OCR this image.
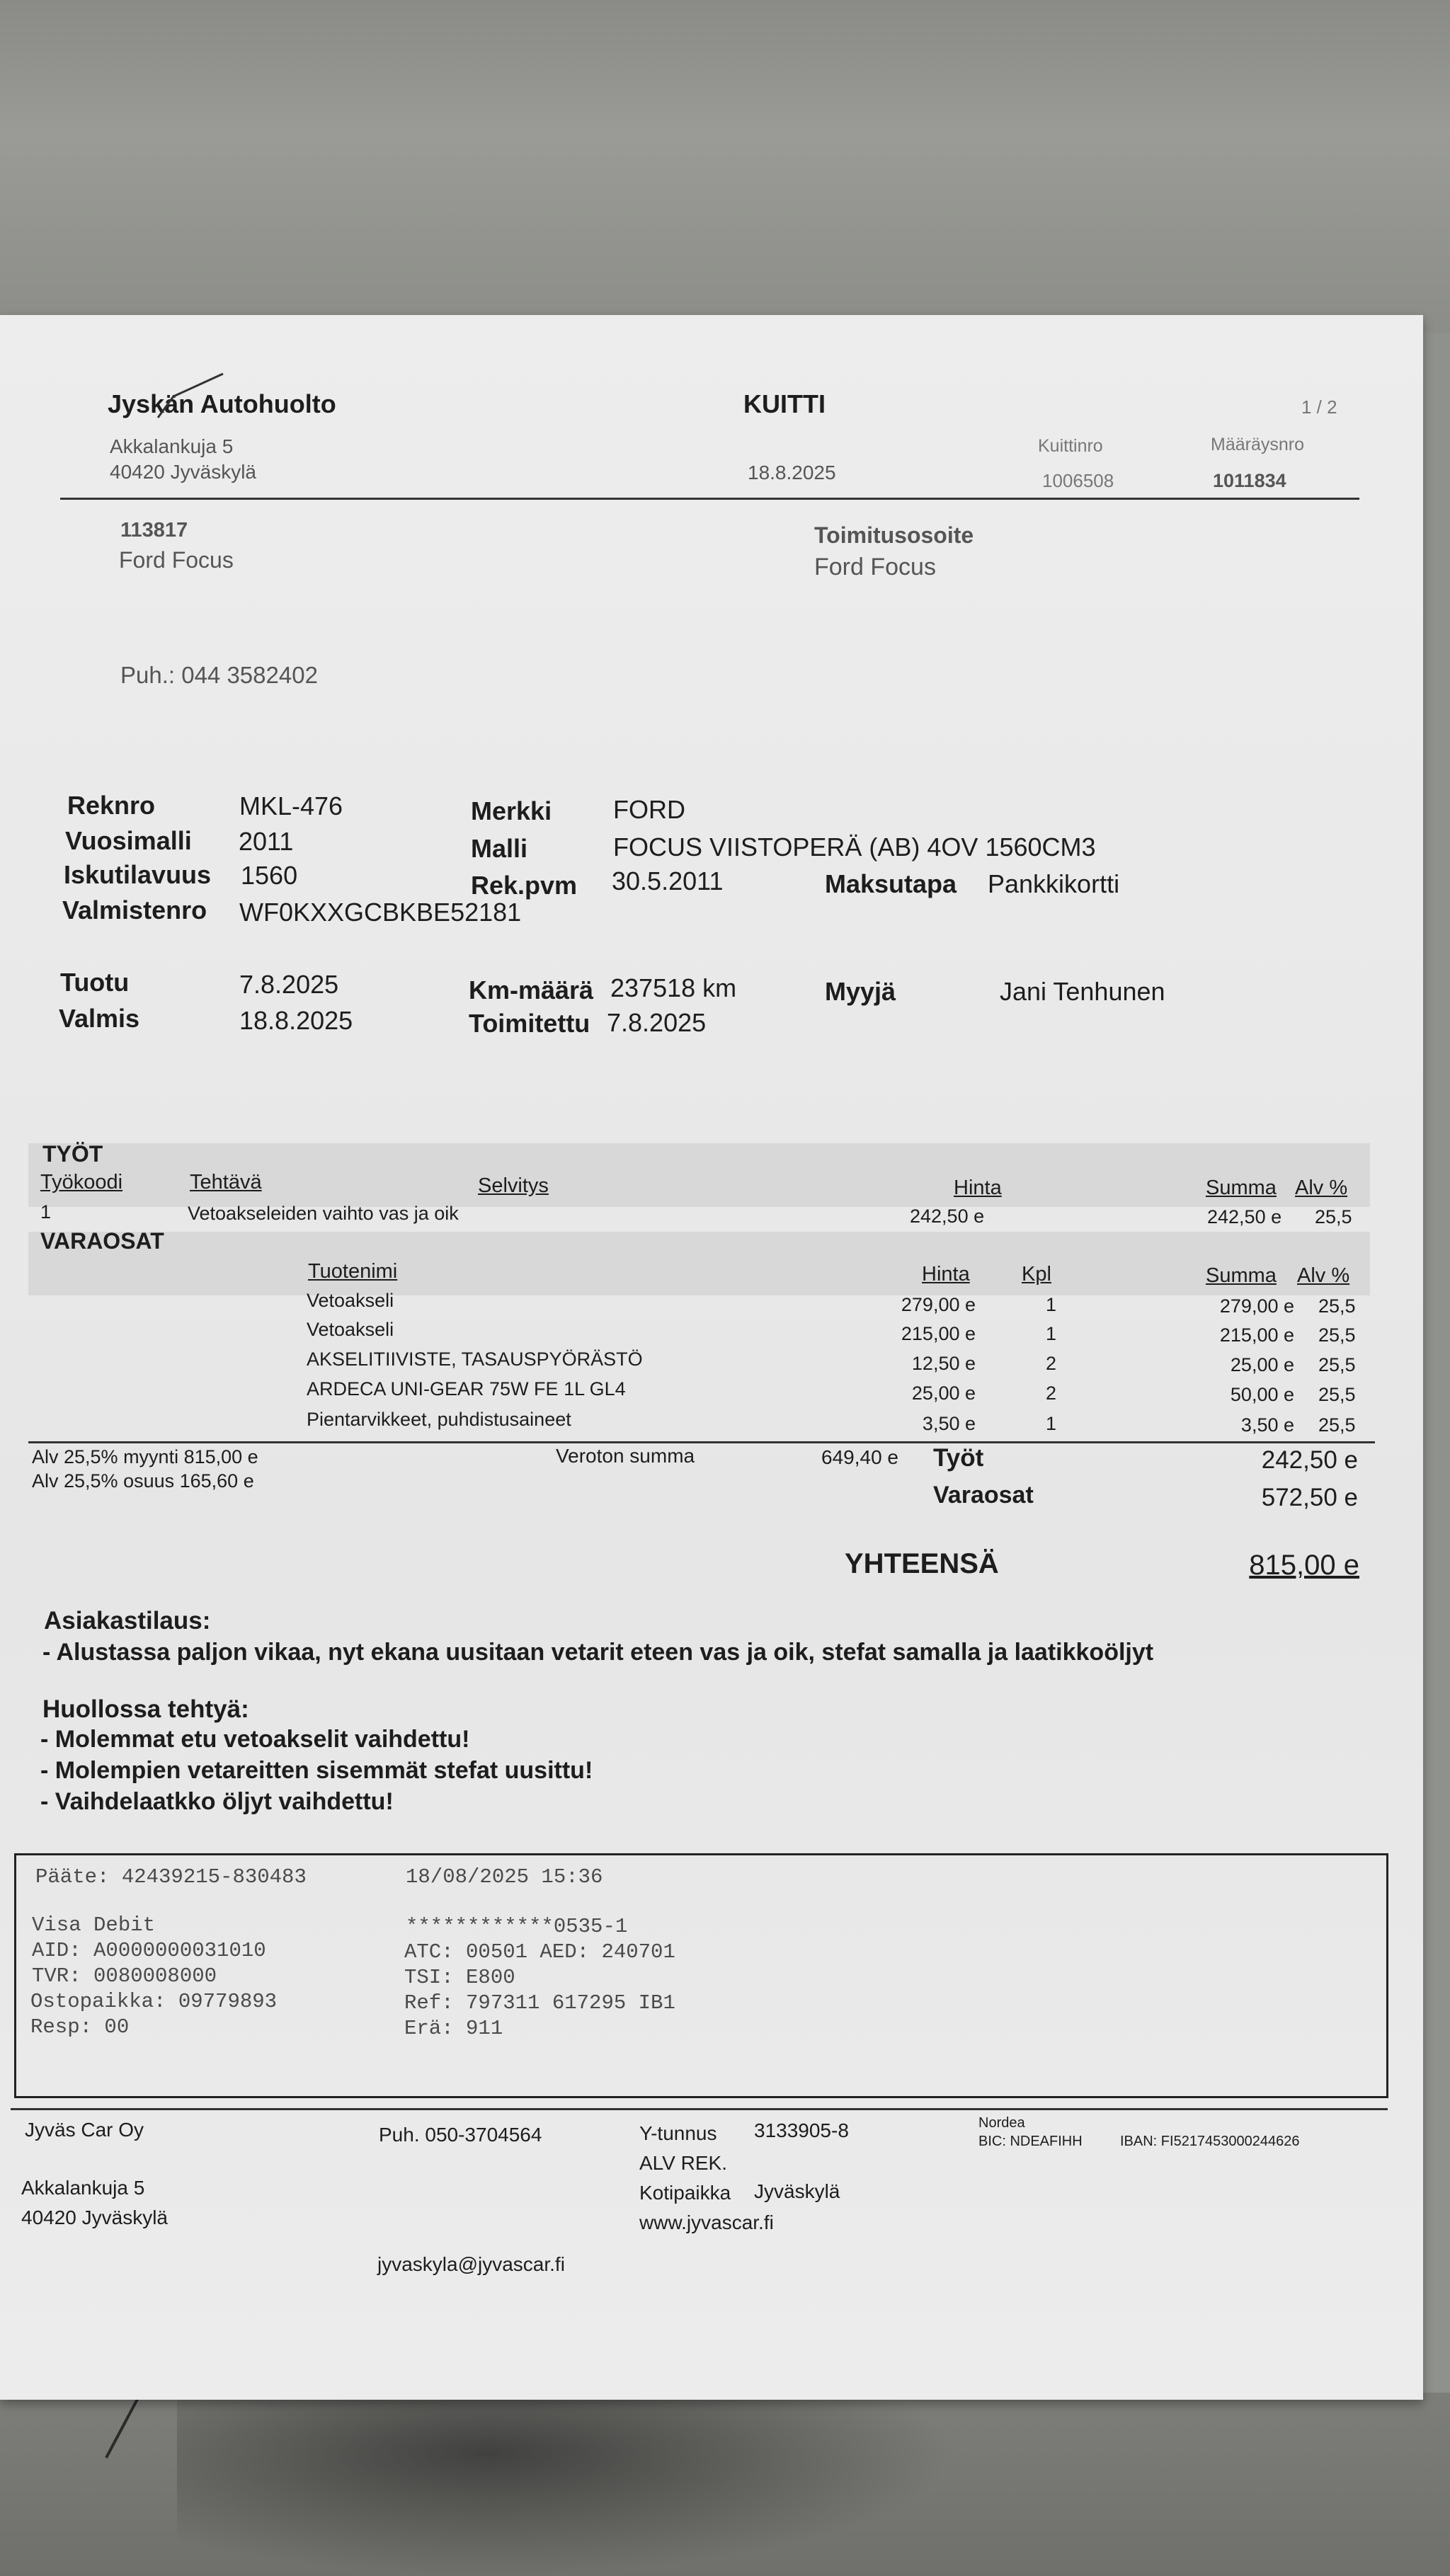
Jyskän Autohuolto
Akkalankuja 5
40420 Jyväskylä
KUITTI
18.8.2025
Kuittinro
1006508
Määräysnro
1011834
1 / 2
113817
Ford Focus
Toimitusosoite
Ford Focus
Puh.: 044 3582402
Reknro	MKL-476
Vuosimalli 2011
Iskutilavuus 1560
Valmistenro WF0KXXGCBKBE52181
Merkki FORD
Malli	FOCUS VIISTOPERÄ (AB) 4OV 1560CM3
Rek.pvm 30.5.2011	Maksutapa Pankkikortti
Tuotu	7.8.2025
Valmis	18.8.2025
Km-määrä 237518 km
Toimitettu 7.8.2025
Myyjä	Jani Tenhunen
TYÖT
Työkoodi	Tehtävä	Selvitys	Hinta	Summa Alv %
1	Vetoakseleiden vaihto vas ja oik	242,50 e	242,50 e 25,5
VARAOSAT
Tuotenimi	Hinta	Kpl	Summa Alv %
Vetoakseli	279,00 e	1	279,00 e 25,5
Vetoakseli	215,00 e	1	215,00 e 25,5
AKSELITIIVISTE, TASAUSPYÖRÄSTÖ	12,50 e	2	25,00 e 25,5
ARDECA UNI-GEAR 75W FE 1L GL4	25,00 e	2	50,00 e 25,5
Pientarvikkeet, puhdistusaineet	3,50 e	1	3,50 e 25,5
Alv 25,5% myynti 815,00 e
Alv 25,5% osuus 165,60 e
Veroton summa	649,40 e Työt	242,50 e
Varaosat	572,50 e
YHTEENSÄ	815,00 e
Asiakastilaus:
- Alustassa paljon vikaa, nyt ekana uusitaan vetarit eteen vas ja oik, stefat samalla ja laatikkoöljyt
Huollossa tehtyä:
- Molemmat etu vetoakselit vaihdettu!
- Molempien vetareitten sisemmät stefat uusittu!
- Vaihdelaatkko öljyt vaihdettu!
Pääte: 42439215-830483	18/08/2025 15:36
Visa Debit
AID: A0000000031010
TVR: 0080008000
Ostopaikka: 09779893
Resp: 00
************0535-1
ATC: 00501 AED: 240701
TSI: E800
Ref: 797311 617295 IB1
Erä: 911
Jyväs Car Oy
Akkalankuja 5
40420 Jyväskylä
Puh. 050-3704564
jyvaskyla@jyvascar.fi
Y-tunnus 3133905-8
ALV REK.
Kotipaikka Jyväskylä
www.jyvascar.fi
Nordea
BIC: NDEAFIHH	IBAN: FI5217453000244626
